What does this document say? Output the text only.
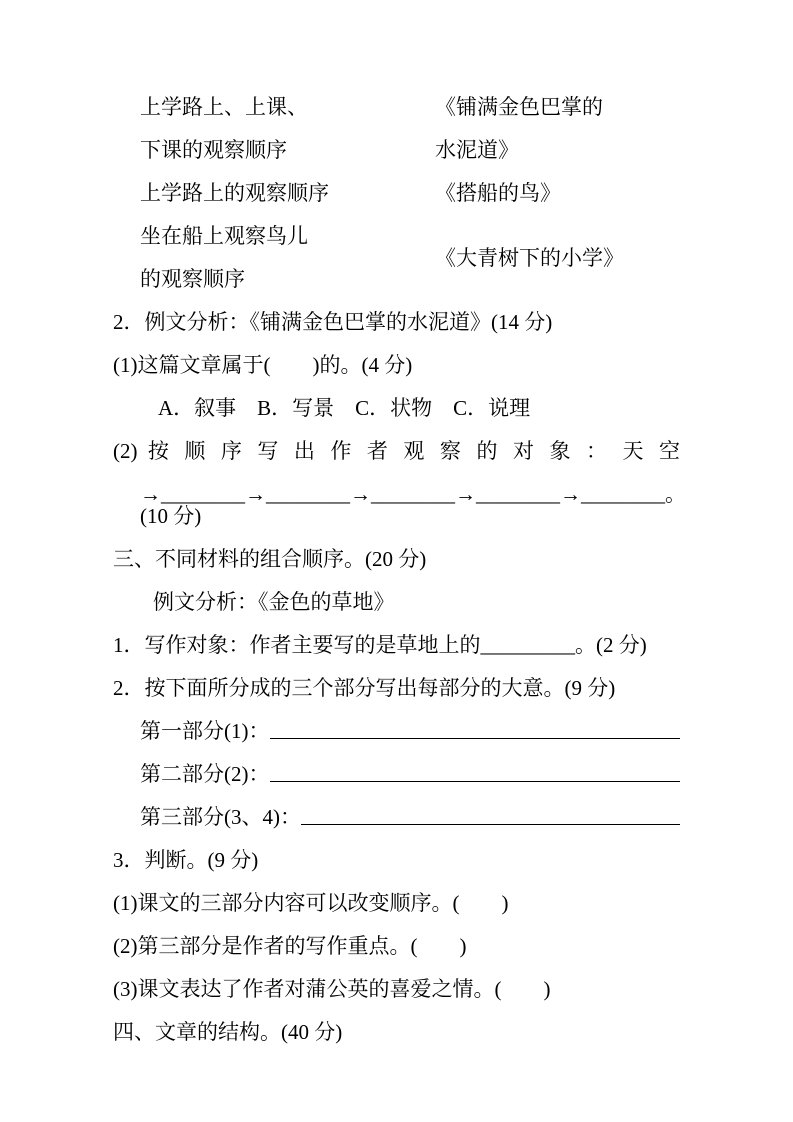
上学路上、上课、
下课的观察顺序
《铺满金色巴掌的
水泥道》
上学路上的观察顺序	《搭船的鸟》
坐在船上观察鸟儿
的观察顺序
《大青树下的小学》
2．例文分析：《铺满金色巴掌的水泥道》(14 分)
(1)这篇文章属于(　　)的。(4 分)
A．叙事　B．写景　C．状物　C．说理
(2) 按 顺 序 写 出 作 者 观 察 的 对 象 ： 天 空
→________→________→________→________→________。(10 分)
三、不同材料的组合顺序。(20 分)
例文分析：《金色的草地》
1．写作对象：作者主要写的是草地上的_________。(2 分)
2．按下面所分成的三个部分写出每部分的大意。(9 分)
第一部分(1)：
第二部分(2)：
第三部分(3、4)：
3．判断。(9 分)
(1)课文的三部分内容可以改变顺序。(　　)
(2)第三部分是作者的写作重点。(　　)
(3)课文表达了作者对蒲公英的喜爱之情。(　　)
四、文章的结构。(40 分)
